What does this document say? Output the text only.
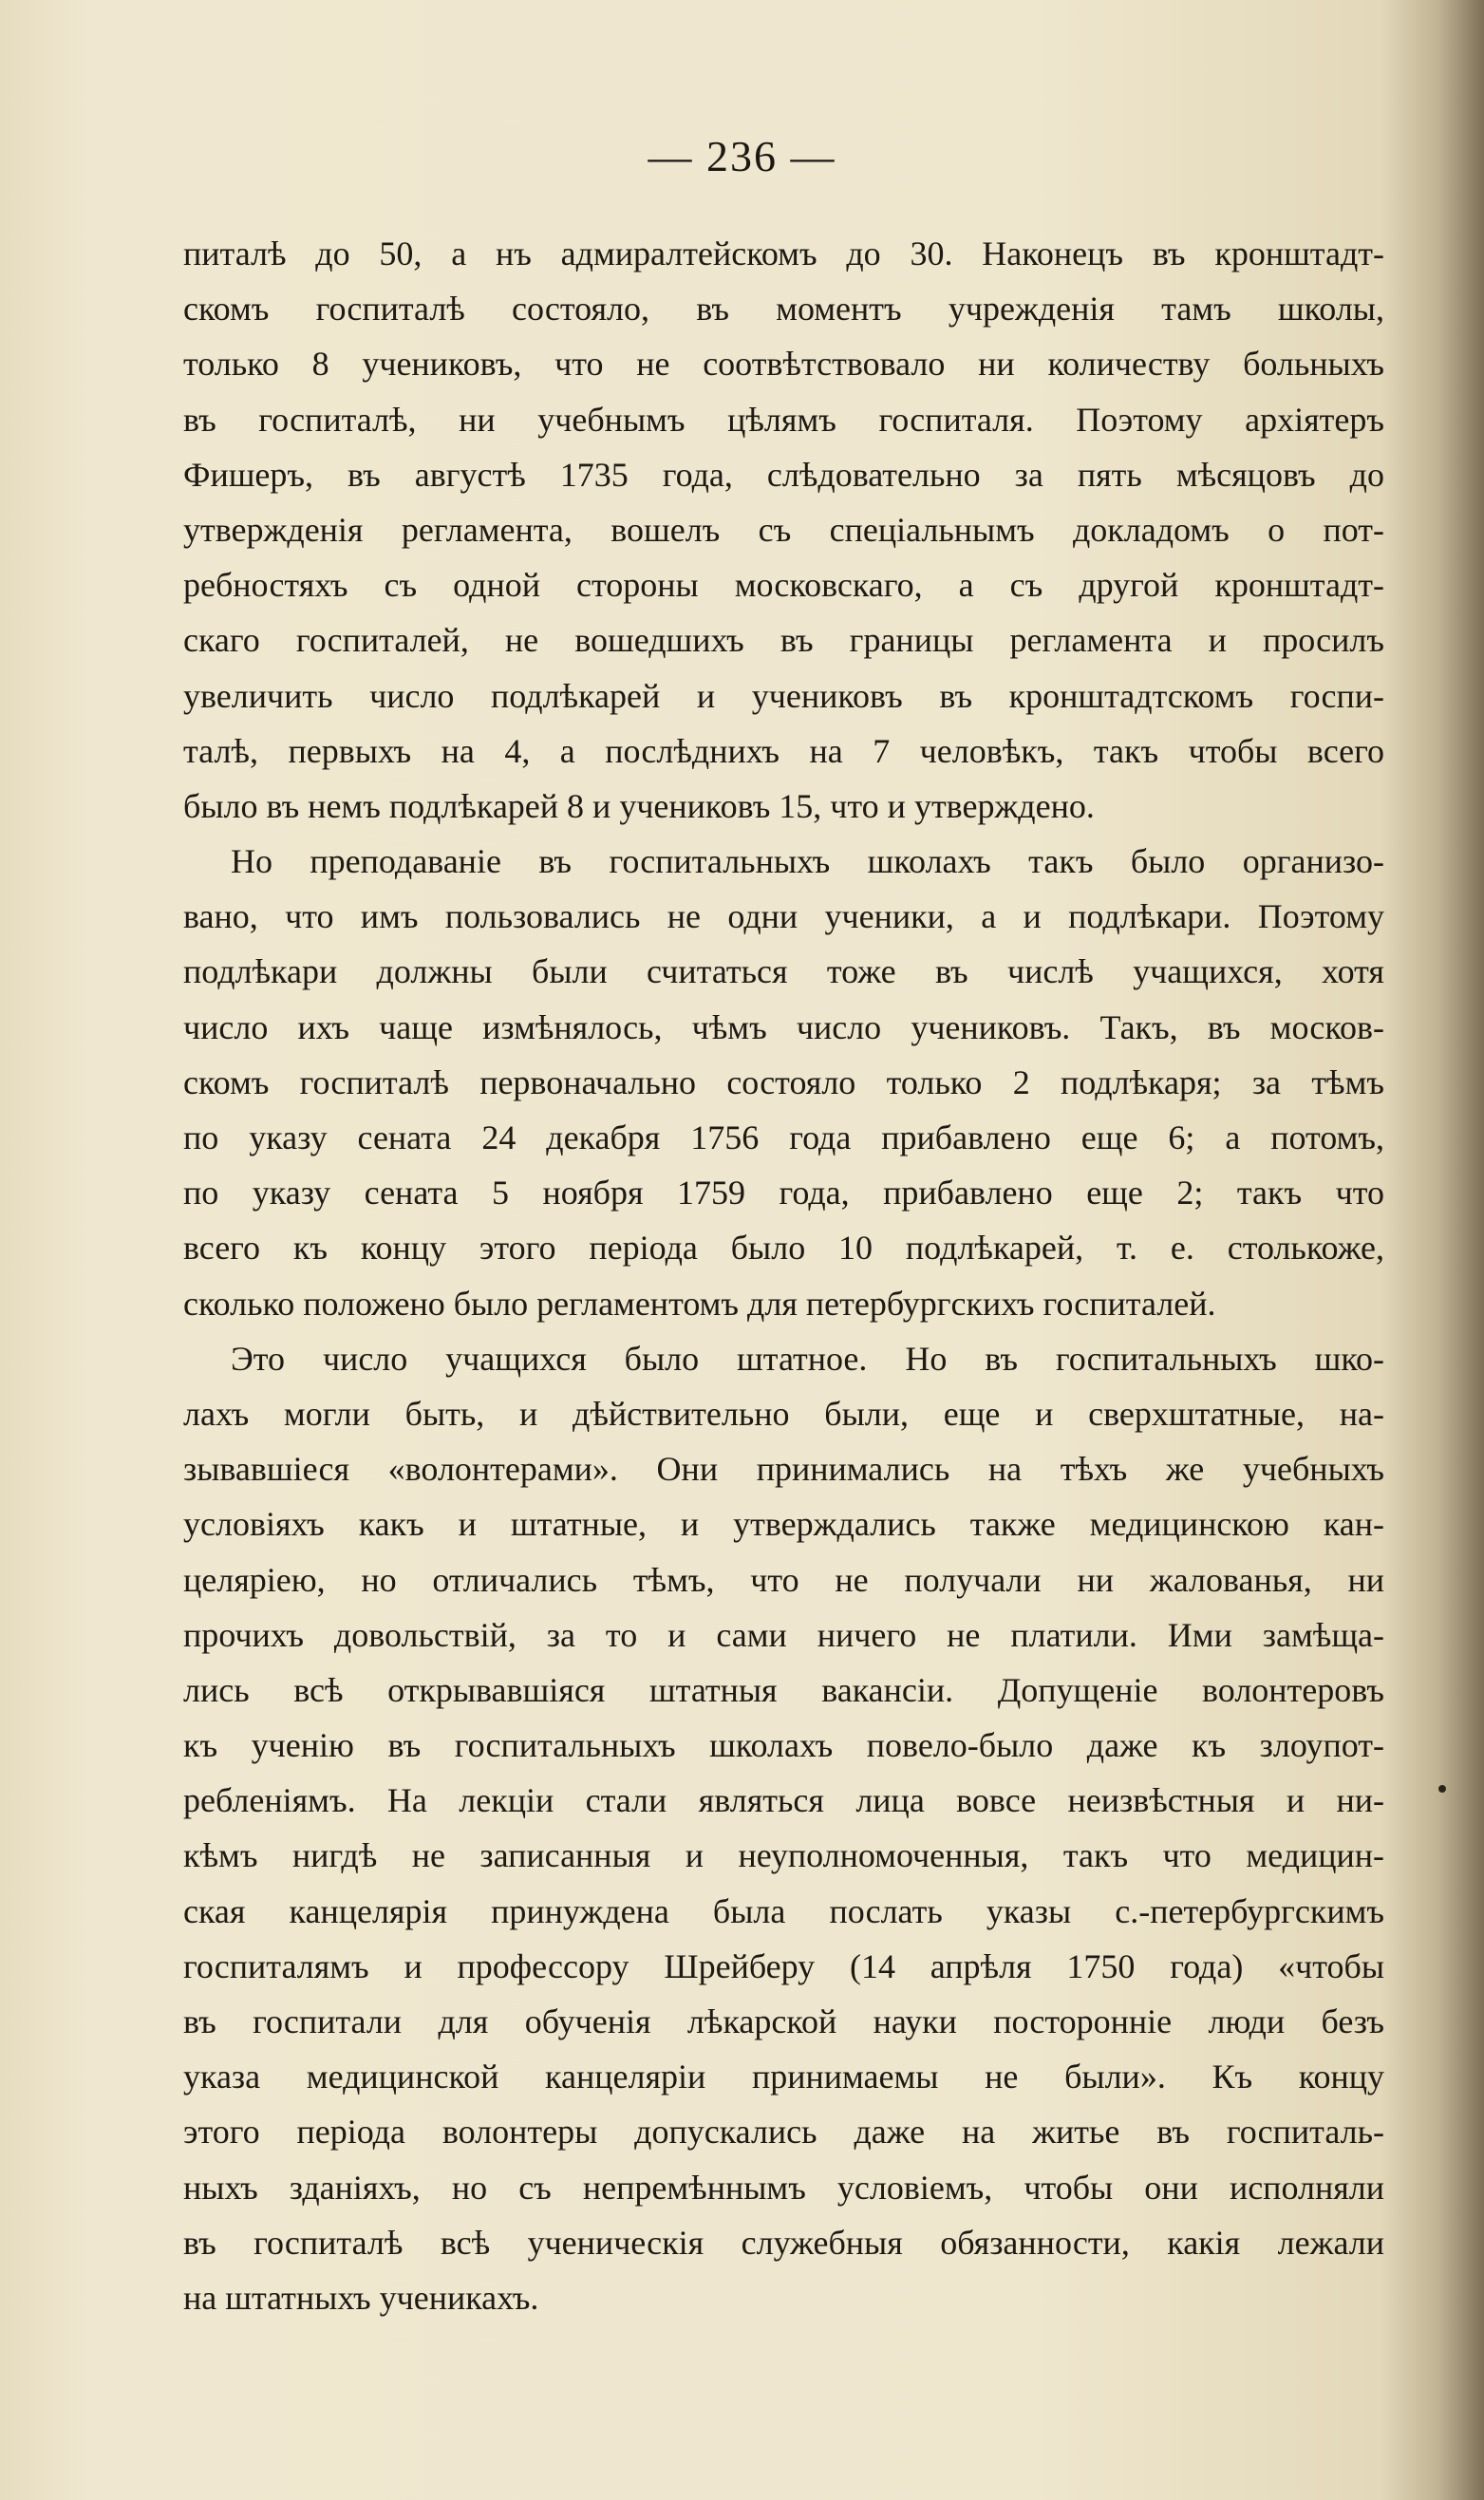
— 236 —
питалѣ до 50, а нъ адмиралтейскомъ до 30. Наконецъ въ кронштадт-
скомъ госпиталѣ состояло, въ моментъ учрежденія тамъ школы,
только 8 учениковъ, что не соотвѣтствовало ни количеству больныхъ
въ госпиталѣ, ни учебнымъ цѣлямъ госпиталя. Поэтому архіятеръ
Фишеръ, въ августѣ 1735 года, слѣдовательно за пять мѣсяцовъ до
утвержденія регламента, вошелъ съ спеціальнымъ докладомъ о пот-
ребностяхъ съ одной стороны московскаго, а съ другой кронштадт-
скаго госпиталей, не вошедшихъ въ границы регламента и просилъ
увеличить число подлѣкарей и учениковъ въ кронштадтскомъ госпи-
талѣ, первыхъ на 4, а послѣднихъ на 7 человѣкъ, такъ чтобы всего
было въ немъ подлѣкарей 8 и учениковъ 15, что и утверждено.
Но преподаваніе въ госпитальныхъ школахъ такъ было организо-
вано, что имъ пользовались не одни ученики, а и подлѣкари. Поэтому
подлѣкари должны были считаться тоже въ числѣ учащихся, хотя
число ихъ чаще измѣнялось, чѣмъ число учениковъ. Такъ, въ москов-
скомъ госпиталѣ первоначально состояло только 2 подлѣкаря; за тѣмъ
по указу сената 24 декабря 1756 года прибавлено еще 6; а потомъ,
по указу сената 5 ноября 1759 года, прибавлено еще 2; такъ что
всего къ концу этого періода было 10 подлѣкарей, т. е. столькоже,
сколько положено было регламентомъ для петербургскихъ госпиталей.
Это число учащихся было штатное. Но въ госпитальныхъ шко-
лахъ могли быть, и дѣйствительно были, еще и сверхштатные, на-
зывавшіеся «волонтерами». Они принимались на тѣхъ же учебныхъ
условіяхъ какъ и штатные, и утверждались также медицинскою кан-
целяріею, но отличались тѣмъ, что не получали ни жалованья, ни
прочихъ довольствій, за то и сами ничего не платили. Ими замѣща-
лись всѣ открывавшіяся штатныя вакансіи. Допущеніе волонтеровъ
къ ученію въ госпитальныхъ школахъ повело-было даже къ злоупот-
ребленіямъ. На лекціи стали являться лица вовсе неизвѣстныя и ни-
кѣмъ нигдѣ не записанныя и неуполномоченныя, такъ что медицин-
ская канцелярія принуждена была послать указы с.-петербургскимъ
госпиталямъ и профессору Шрейберу (14 апрѣля 1750 года) «чтобы
въ госпитали для обученія лѣкарской науки посторонніе люди безъ
указа медицинской канцеляріи принимаемы не были». Къ концу
этого періода волонтеры допускались даже на житье въ госпиталь-
ныхъ зданіяхъ, но съ непремѣннымъ условіемъ, чтобы они исполняли
въ госпиталѣ всѣ ученическія служебныя обязанности, какія лежали
на штатныхъ ученикахъ.
